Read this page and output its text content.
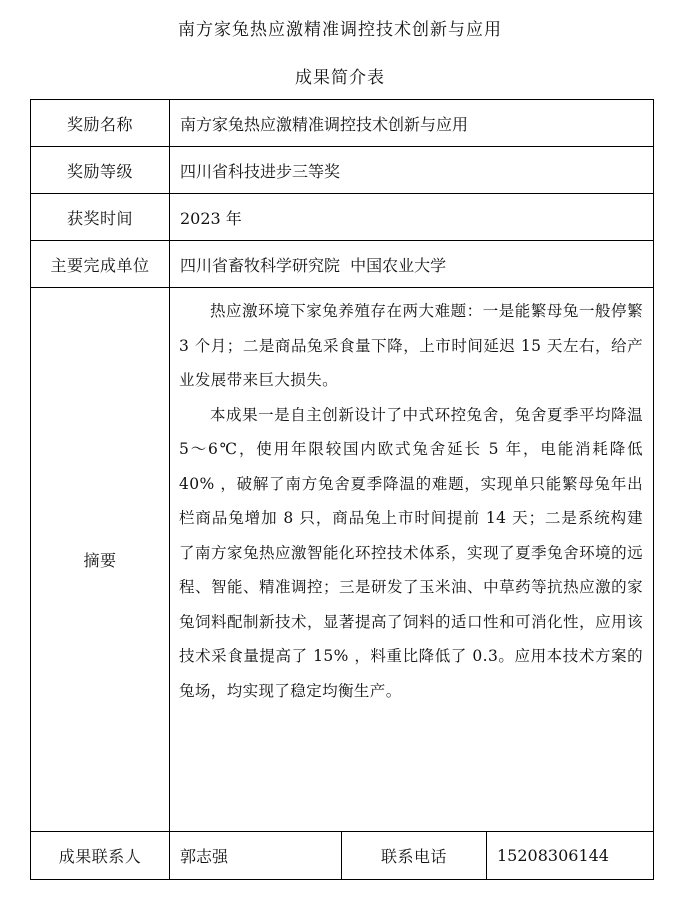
南方家兔热应激精准调控技术创新与应用
成果简介表
奖励名称	南方家兔热应激精准调控技术创新与应用		
奖励等级	四川省科技进步三等奖		
获奖时间	2023 年		
主要完成单位	四川省畜牧科学研究院  中国农业大学		
摘要	热应激环境下家兔养殖存在两大难题：一是能繁母兔一般停繁 3 个月；二是商品兔采食量下降，上市时间延迟 15 天左右，给产业发展带来巨大损失。

本成果一是自主创新设计了中式环控兔舍，兔舍夏季平均降温 5～6℃，使用年限较国内欧式兔舍延长 5 年，电能消耗降低 40% ，破解了南方兔舍夏季降温的难题，实现单只能繁母兔年出栏商品兔增加 8 只，商品兔上市时间提前 14 天；二是系统构建了南方家兔热应激智能化环控技术体系，实现了夏季兔舍环境的远程、智能、精准调控；三是研发了玉米油、中草药等抗热应激的家兔饲料配制新技术，显著提高了饲料的适口性和可消化性，应用该技术采食量提高了 15% ，料重比降低了 0.3。应用本技术方案的兔场，均实现了稳定均衡生产。		

成果联系人	郭志强	联系电话	15208306144
